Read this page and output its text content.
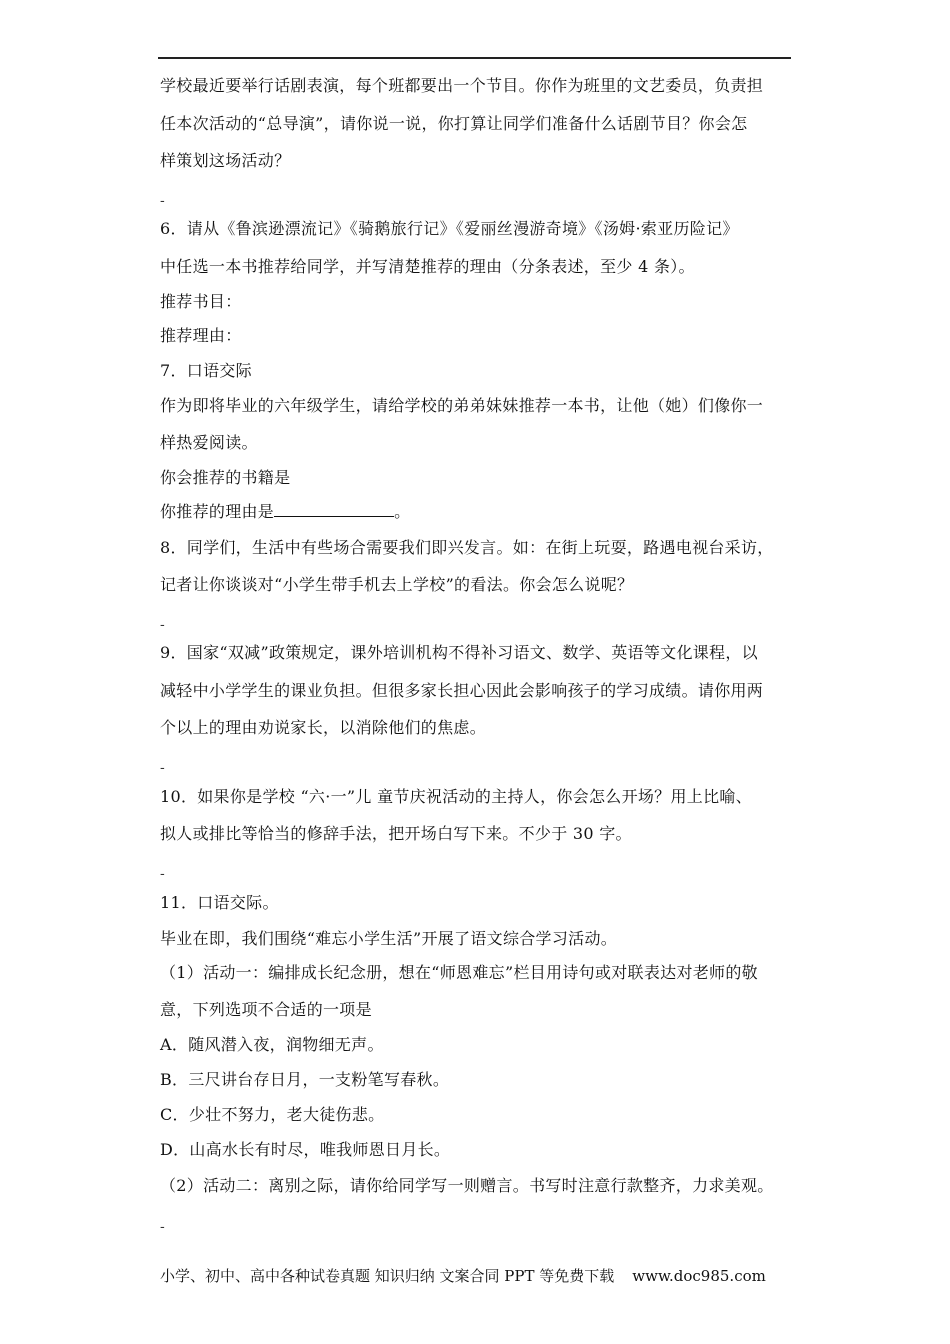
学校最近要举行话剧表演，每个班都要出一个节目。你作为班里的文艺委员，负责担
任本次活动的“总导演”，请你说一说，你打算让同学们准备什么话剧节目？你会怎
样策划这场活动？
-
6．请从《鲁滨逊漂流记》《骑鹅旅行记》《爱丽丝漫游奇境》《汤姆·索亚历险记》
中任选一本书推荐给同学，并写清楚推荐的理由（分条表述，至少 4 条）。
推荐书目：
推荐理由：
7．口语交际
作为即将毕业的六年级学生，请给学校的弟弟妹妹推荐一本书，让他（她）们像你一
样热爱阅读。
你会推荐的书籍是
你推荐的理由是	。
8．同学们，生活中有些场合需要我们即兴发言。如：在街上玩耍，路遇电视台采访，
记者让你谈谈对“小学生带手机去上学校”的看法。你会怎么说呢？
-
9．国家“双减”政策规定，课外培训机构不得补习语文、数学、英语等文化课程，以
减轻中小学学生的课业负担。但很多家长担心因此会影响孩子的学习成绩。请你用两
个以上的理由劝说家长，以消除他们的焦虑。
-
10．如果你是学校 “六·一”儿 童节庆祝活动的主持人，你会怎么开场？用上比喻、
拟人或排比等恰当的修辞手法，把开场白写下来。不少于 30 字。
-
11．口语交际。
毕业在即，我们围绕“难忘小学生活”开展了语文综合学习活动。
（1）活动一：编排成长纪念册，想在“师恩难忘”栏目用诗句或对联表达对老师的敬
意，下列选项不合适的一项是
A．随风潜入夜，润物细无声。
B．三尺讲台存日月，一支粉笔写春秋。
C．少壮不努力，老大徒伤悲。
D．山高水长有时尽，唯我师恩日月长。
（2）活动二：离别之际，请你给同学写一则赠言。书写时注意行款整齐，力求美观。
-
小学、初中、高中各种试卷真题 知识归纳 文案合同 PPT 等免费下载 www.doc985.com
